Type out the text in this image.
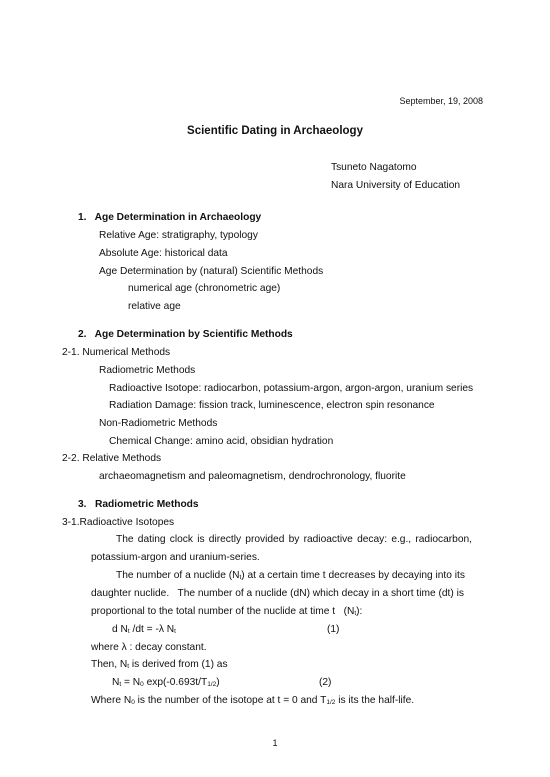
September, 19, 2008
Scientific Dating in Archaeology
Tsuneto Nagatomo
Nara University of Education
1.   Age Determination in Archaeology
Relative Age: stratigraphy, typology
Absolute Age: historical data
Age Determination by (natural) Scientific Methods
numerical age (chronometric age)
relative age
2.   Age Determination by Scientific Methods
2-1. Numerical Methods
Radiometric Methods
Radioactive Isotope: radiocarbon, potassium-argon, argon-argon, uranium series
Radiation Damage: fission track, luminescence, electron spin resonance
Non-Radiometric Methods
Chemical Change: amino acid, obsidian hydration
2-2. Relative Methods
archaeomagnetism and paleomagnetism, dendrochronology, fluorite
3.   Radiometric Methods
3-1.Radioactive Isotopes
The dating clock is directly provided by radioactive decay: e.g., radiocarbon,
potassium-argon and uranium-series.
The number of a nuclide $(N_t)$ at a certain time t decreases by decaying into its
daughter nuclide.   The number of a nuclide (dN) which decay in a short time (dt) is
proportional to the total number of the nuclide at time t   $(N_t)$:
d $N_t$ /dt = -λ $N_t$	(1)
where λ : decay constant.
Then, $N_t$ is derived from (1) as
$N_t = N_0$ $\exp(-0.693t/T_{1/2})$	(2)
Where $N_0$ is the number of the isotope at t = 0 and $T_{1/2}$ is its the half-life.
1
